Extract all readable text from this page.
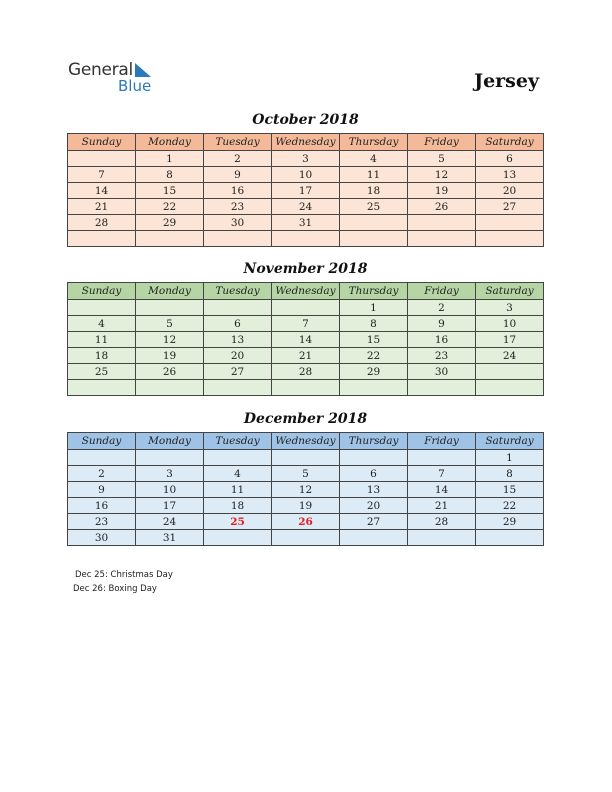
General
Blue	Jersey
October 2018
Sunday	Monday	Tuesday	Wednesday	Thursday	Friday	Saturday
	1	2	3	4	5	6
7	8	9	10	11	12	13
14	15	16	17	18	19	20
21	22	23	24	25	26	27
28	29	30	31			

November 2018
Sunday	Monday	Tuesday	Wednesday	Thursday	Friday	Saturday
				1	2	3
4	5	6	7	8	9	10
11	12	13	14	15	16	17
18	19	20	21	22	23	24
25	26	27	28	29	30	

December 2018
Sunday	Monday	Tuesday	Wednesday	Thursday	Friday	Saturday
						1
2	3	4	5	6	7	8
9	10	11	12	13	14	15
16	17	18	19	20	21	22
23	24	25	26	27	28	29
30	31					
Dec 25: Christmas Day
Dec 26: Boxing Day
